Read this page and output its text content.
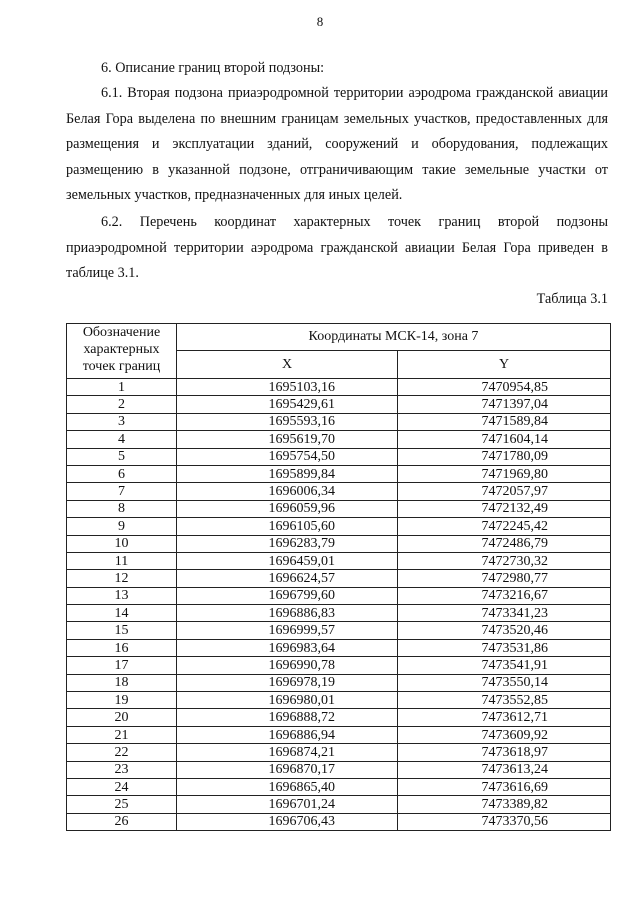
8
6. Описание границ второй подзоны:
6.1. Вторая подзона приаэродромной территории аэродрома гражданской авиации Белая Гора выделена по внешним границам земельных участков, предоставленных для размещения и эксплуатации зданий, сооружений и оборудования, подлежащих размещению в указанной подзоне, отграничивающим такие земельные участки от земельных участков, предназначенных для иных целей.
6.2. Перечень координат характерных точек границ второй подзоны приаэродромной территории аэродрома гражданской авиации Белая Гора приведен в таблице 3.1.
Таблица 3.1
Обозначение характерных точек границ	Координаты МСК-14, зона 7	
	X	Y
1	1695103,16	7470954,85
2	1695429,61	7471397,04
3	1695593,16	7471589,84
4	1695619,70	7471604,14
5	1695754,50	7471780,09
6	1695899,84	7471969,80
7	1696006,34	7472057,97
8	1696059,96	7472132,49
9	1696105,60	7472245,42
10	1696283,79	7472486,79
11	1696459,01	7472730,32
12	1696624,57	7472980,77
13	1696799,60	7473216,67
14	1696886,83	7473341,23
15	1696999,57	7473520,46
16	1696983,64	7473531,86
17	1696990,78	7473541,91
18	1696978,19	7473550,14
19	1696980,01	7473552,85
20	1696888,72	7473612,71
21	1696886,94	7473609,92
22	1696874,21	7473618,97
23	1696870,17	7473613,24
24	1696865,40	7473616,69
25	1696701,24	7473389,82
26	1696706,43	7473370,56
